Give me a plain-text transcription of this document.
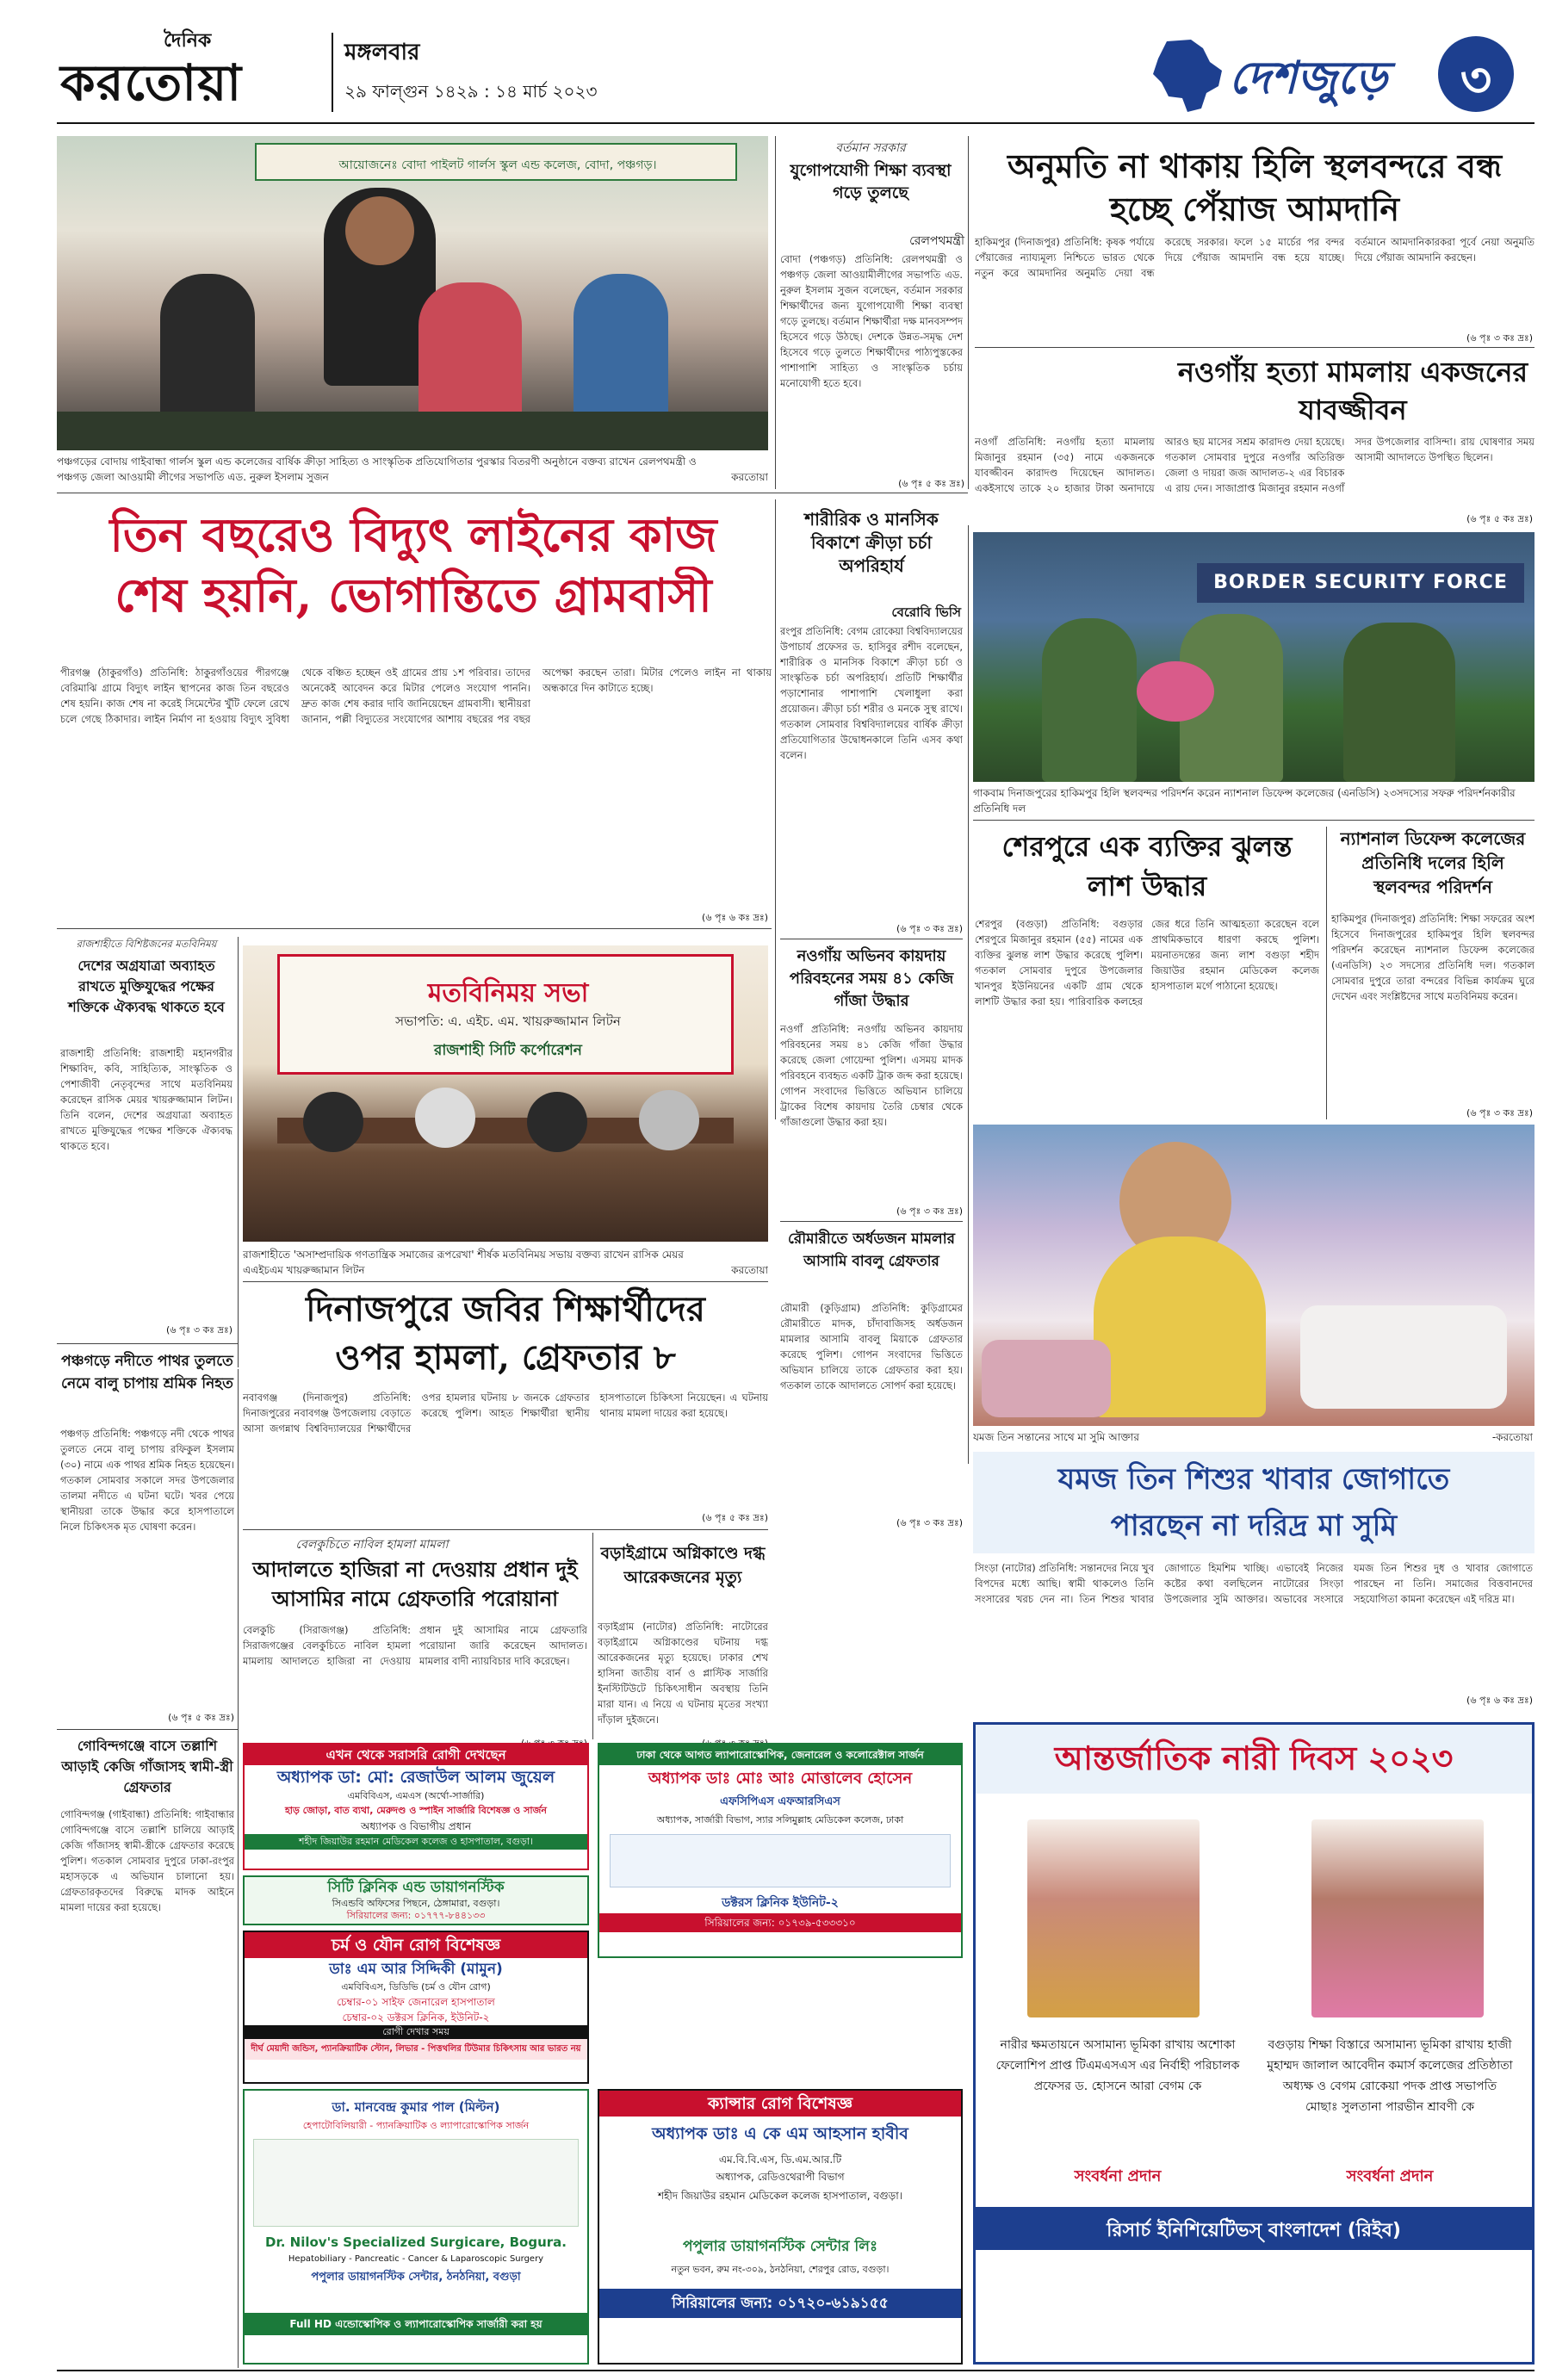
দৈনিক
করতোয়া
মঙ্গলবার
২৯ ফাল্গুন ১৪২৯ : ১৪ মার্চ ২০২৩	দেশজুড়ে	৩
আয়োজনেঃ বোদা পাইলট গার্লস স্কুল এন্ড কলেজ, বোদা, পঞ্চগড়।
পঞ্চগড়ের বোদায় গাইবান্ধা গার্লস স্কুল এন্ড কলেজের বার্ষিক ক্রীড়া সাহিত্য ও সাংস্কৃতিক প্রতিযোগিতার পুরস্কার বিতরণী অনুষ্ঠানে বক্তব্য রাখেন রেলপথমন্ত্রী ও পঞ্চগড় জেলা আওয়ামী লীগের সভাপতি এড. নুরুল ইসলাম সুজন	করতোয়া
বর্তমান সরকার
যুগোপযোগী শিক্ষা ব্যবস্থা গড়ে তুলছে
রেলপথমন্ত্রী
বোদা (পঞ্চগড়) প্রতিনিধি: রেলপথমন্ত্রী ও পঞ্চগড় জেলা আওয়ামীলীগের সভাপতি এড. নুরুল ইসলাম সুজন বলেছেন, বর্তমান সরকার শিক্ষার্থীদের জন্য যুগোপযোগী শিক্ষা ব্যবস্থা গড়ে তুলছে। বর্তমান শিক্ষার্থীরা দক্ষ মানবসম্পদ হিসেবে গড়ে উঠছে। দেশকে উন্নত-সমৃদ্ধ দেশ হিসেবে গড়ে তুলতে শিক্ষার্থীদের পাঠ্যপুস্তকের পাশাপাশি সাহিত্য ও সাংস্কৃতিক চর্চায় মনোযোগী হতে হবে।
(৬ পৃঃ ৫ কঃ দ্রঃ)
অনুমতি না থাকায় হিলি স্থলবন্দরে বন্ধ হচ্ছে পেঁয়াজ আমদানি
হাকিমপুর (দিনাজপুর) প্রতিনিধি: কৃষক পর্যায়ে পেঁয়াজের ন্যায্যমূল্য নিশ্চিতে ভারত থেকে নতুন করে আমদানির অনুমতি দেয়া বন্ধ করেছে সরকার। ফলে ১৫ মার্চের পর বন্দর দিয়ে পেঁয়াজ আমদানি বন্ধ হয়ে যাচ্ছে। বর্তমানে আমদানিকারকরা পূর্বে নেয়া অনুমতি দিয়ে পেঁয়াজ আমদানি করছেন।
(৬ পৃঃ ৩ কঃ দ্রঃ)
নওগাঁয় হত্যা মামলায় একজনের যাবজ্জীবন
নওগাঁ প্রতিনিধি: নওগাঁয় হত্যা মামলায় মিজানুর রহমান (৩৫) নামে একজনকে যাবজ্জীবন কারাদণ্ড দিয়েছেন আদালত। একইসাথে তাকে ২০ হাজার টাকা অনাদায়ে আরও ছয় মাসের সশ্রম কারাদণ্ড দেয়া হয়েছে। গতকাল সোমবার দুপুরে নওগাঁর অতিরিক্ত জেলা ও দায়রা জজ আদালত-২ এর বিচারক এ রায় দেন। সাজাপ্রাপ্ত মিজানুর রহমান নওগাঁ সদর উপজেলার বাসিন্দা। রায় ঘোষণার সময় আসামী আদালতে উপস্থিত ছিলেন।
(৬ পৃঃ ৫ কঃ দ্রঃ)
তিন বছরেও বিদ্যুৎ লাইনের কাজ
শেষ হয়নি, ভোগান্তিতে গ্রামবাসী
পীরগঞ্জ (ঠাকুরগাঁও) প্রতিনিধি: ঠাকুরগাঁওয়ের পীরগঞ্জে বেরিমাঝি গ্রামে বিদ্যুৎ লাইন স্থাপনের কাজ তিন বছরেও শেষ হয়নি। কাজ শেষ না করেই সিমেন্টের খুঁটি ফেলে রেখে চলে গেছে ঠিকাদার। লাইন নির্মাণ না হওয়ায় বিদ্যুৎ সুবিধা থেকে বঞ্চিত হচ্ছেন ওই গ্রামের প্রায় ১শ পরিবার। তাদের অনেকেই আবেদন করে মিটার পেলেও সংযোগ পাননি। দ্রুত কাজ শেষ করার দাবি জানিয়েছেন গ্রামবাসী। স্থানীয়রা জানান, পল্লী বিদ্যুতের সংযোগের আশায় বছরের পর বছর অপেক্ষা করছেন তারা। মিটার পেলেও লাইন না থাকায় অন্ধকারে দিন কাটাতে হচ্ছে।
(৬ পৃঃ ৬ কঃ দ্রঃ)
শারীরিক ও মানসিক বিকাশে ক্রীড়া চর্চা অপরিহার্য
বেরোবি ভিসি
রংপুর প্রতিনিধি: বেগম রোকেয়া বিশ্ববিদ্যালয়ের উপাচার্য প্রফেসর ড. হাসিবুর রশীদ বলেছেন, শারীরিক ও মানসিক বিকাশে ক্রীড়া চর্চা ও সাংস্কৃতিক চর্চা অপরিহার্য। প্রতিটি শিক্ষার্থীর পড়াশোনার পাশাপাশি খেলাধুলা করা প্রয়োজন। ক্রীড়া চর্চা শরীর ও মনকে সুস্থ রাখে। গতকাল সোমবার বিশ্ববিদ্যালয়ের বার্ষিক ক্রীড়া প্রতিযোগিতার উদ্বোধনকালে তিনি এসব কথা বলেন।
(৬ পৃঃ ৩ কঃ দ্রঃ)
নওগাঁয় অভিনব কায়দায় পরিবহনের সময় ৪১ কেজি গাঁজা উদ্ধার
নওগাঁ প্রতিনিধি: নওগাঁয় অভিনব কায়দায় পরিবহনের সময় ৪১ কেজি গাঁজা উদ্ধার করেছে জেলা গোয়েন্দা পুলিশ। এসময় মাদক পরিবহনে ব্যবহৃত একটি ট্রাক জব্দ করা হয়েছে। গোপন সংবাদের ভিত্তিতে অভিযান চালিয়ে ট্রাকের বিশেষ কায়দায় তৈরি চেম্বার থেকে গাঁজাগুলো উদ্ধার করা হয়।
(৬ পৃঃ ৩ কঃ দ্রঃ)
BORDER SECURITY FORCE
গাকবাম দিনাজপুরের হাকিমপুর হিলি স্থলবন্দর পরিদর্শন করেন ন্যাশনাল ডিফেন্স কলেজের (এনডিসি) ২৩সদস্যের সফরু পরিদর্শনকারীর প্রতিনিধি দল
শেরপুরে এক ব্যক্তির ঝুলন্ত লাশ উদ্ধার
শেরপুর (বগুড়া) প্রতিনিধি: বগুড়ার শেরপুরে মিজানুর রহমান (৫৫) নামের এক ব্যক্তির ঝুলন্ত লাশ উদ্ধার করেছে পুলিশ। গতকাল সোমবার দুপুরে উপজেলার খানপুর ইউনিয়নের একটি গ্রাম থেকে লাশটি উদ্ধার করা হয়। পারিবারিক কলহের জের ধরে তিনি আত্মহত্যা করেছেন বলে প্রাথমিকভাবে ধারণা করছে পুলিশ। ময়নাতদন্তের জন্য লাশ বগুড়া শহীদ জিয়াউর রহমান মেডিকেল কলেজ হাসপাতাল মর্গে পাঠানো হয়েছে।
ন্যাশনাল ডিফেন্স কলেজের প্রতিনিধি দলের হিলি স্থলবন্দর পরিদর্শন
হাকিমপুর (দিনাজপুর) প্রতিনিধি: শিক্ষা সফরের অংশ হিসেবে দিনাজপুরের হাকিমপুর হিলি স্থলবন্দর পরিদর্শন করেছেন ন্যাশনাল ডিফেন্স কলেজের (এনডিসি) ২৩ সদস্যের প্রতিনিধি দল। গতকাল সোমবার দুপুরে তারা বন্দরের বিভিন্ন কার্যক্রম ঘুরে দেখেন এবং সংশ্লিষ্টদের সাথে মতবিনিময় করেন।
(৬ পৃঃ ৩ কঃ দ্রঃ)
রাজশাহীতে বিশিষ্টজনের মতবিনিময়
দেশের অগ্রযাত্রা অব্যাহত রাখতে মুক্তিযুদ্ধের পক্ষের শক্তিকে ঐক্যবদ্ধ থাকতে হবে
রাজশাহী প্রতিনিধি: রাজশাহী মহানগরীর শিক্ষাবিদ, কবি, সাহিত্যিক, সাংস্কৃতিক ও পেশাজীবী নেতৃবৃন্দের সাথে মতবিনিময় করেছেন রাসিক মেয়র খায়রুজ্জামান লিটন। তিনি বলেন, দেশের অগ্রযাত্রা অব্যাহত রাখতে মুক্তিযুদ্ধের পক্ষের শক্তিকে ঐক্যবদ্ধ থাকতে হবে।
(৬ পৃঃ ৩ কঃ দ্রঃ)
মতবিনিময় সভা
সভাপতি: এ. এইচ. এম. খায়রুজ্জামান লিটন
রাজশাহী সিটি কর্পোরেশন
রাজশাহীতে 'অসাম্প্রদায়িক গণতান্ত্রিক সমাজের রূপরেখা' শীর্ষক মতবিনিময় সভায় বক্তব্য রাখেন রাসিক মেয়র এএইচএম খায়রুজ্জামান লিটন	করতোয়া
দিনাজপুরে জবির শিক্ষার্থীদের
ওপর হামলা, গ্রেফতার ৮
নবাবগঞ্জ (দিনাজপুর) প্রতিনিধি: দিনাজপুরের নবাবগঞ্জ উপজেলায় বেড়াতে আসা জগন্নাথ বিশ্ববিদ্যালয়ের শিক্ষার্থীদের ওপর হামলার ঘটনায় ৮ জনকে গ্রেফতার করেছে পুলিশ। আহত শিক্ষার্থীরা স্থানীয় হাসপাতালে চিকিৎসা নিয়েছেন। এ ঘটনায় থানায় মামলা দায়ের করা হয়েছে।
(৬ পৃঃ ৫ কঃ দ্রঃ)
পঞ্চগড়ে নদীতে পাথর তুলতে নেমে বালু চাপায় শ্রমিক নিহত
পঞ্চগড় প্রতিনিধি: পঞ্চগড়ে নদী থেকে পাথর তুলতে নেমে বালু চাপায় রফিকুল ইসলাম (৩০) নামে এক পাথর শ্রমিক নিহত হয়েছেন। গতকাল সোমবার সকালে সদর উপজেলার তালমা নদীতে এ ঘটনা ঘটে। খবর পেয়ে স্থানীয়রা তাকে উদ্ধার করে হাসপাতালে নিলে চিকিৎসক মৃত ঘোষণা করেন।
(৬ পৃঃ ৫ কঃ দ্রঃ)
গোবিন্দগঞ্জে বাসে তল্লাশি আড়াই কেজি গাঁজাসহ স্বামী-স্ত্রী গ্রেফতার
গোবিন্দগঞ্জ (গাইবান্ধা) প্রতিনিধি: গাইবান্ধার গোবিন্দগঞ্জে বাসে তল্লাশি চালিয়ে আড়াই কেজি গাঁজাসহ স্বামী-স্ত্রীকে গ্রেফতার করেছে পুলিশ। গতকাল সোমবার দুপুরে ঢাকা-রংপুর মহাসড়কে এ অভিযান চালানো হয়। গ্রেফতারকৃতদের বিরুদ্ধে মাদক আইনে মামলা দায়ের করা হয়েছে।
বেলকুচিতে নাবিল হামলা মামলা
আদালতে হাজিরা না দেওয়ায় প্রধান দুই আসামির নামে গ্রেফতারি পরোয়ানা
বেলকুচি (সিরাজগঞ্জ) প্রতিনিধি: সিরাজগঞ্জের বেলকুচিতে নাবিল হামলা মামলায় আদালতে হাজিরা না দেওয়ায় প্রধান দুই আসামির নামে গ্রেফতারি পরোয়ানা জারি করেছেন আদালত। মামলার বাদী ন্যায়বিচার দাবি করেছেন।
বড়াইগ্রামে অগ্নিকাণ্ডে দগ্ধ আরেকজনের মৃত্যু
বড়াইগ্রাম (নাটোর) প্রতিনিধি: নাটোরের বড়াইগ্রামে অগ্নিকাণ্ডের ঘটনায় দগ্ধ আরেকজনের মৃত্যু হয়েছে। ঢাকার শেখ হাসিনা জাতীয় বার্ন ও প্লাস্টিক সার্জারি ইনস্টিটিউটে চিকিৎসাধীন অবস্থায় তিনি মারা যান। এ নিয়ে এ ঘটনায় মৃতের সংখ্যা দাঁড়াল দুইজনে।
রৌমারীতে অর্ধডজন মামলার আসামি বাবলু গ্রেফতার
রৌমারী (কুড়িগ্রাম) প্রতিনিধি: কুড়িগ্রামের রৌমারীতে মাদক, চাঁদাবাজিসহ অর্ধডজন মামলার আসামি বাবলু মিয়াকে গ্রেফতার করেছে পুলিশ। গোপন সংবাদের ভিত্তিতে অভিযান চালিয়ে তাকে গ্রেফতার করা হয়। গতকাল তাকে আদালতে সোপর্দ করা হয়েছে।
(৬ পৃঃ ৩ কঃ দ্রঃ)
যমজ তিন সন্তানের সাথে মা সুমি আক্তার	-করতোয়া
যমজ তিন শিশুর খাবার জোগাতে
পারছেন না দরিদ্র মা সুমি
সিংড়া (নাটোর) প্রতিনিধি: সন্তানদের নিয়ে খুব বিপদের মধ্যে আছি। স্বামী থাকলেও তিনি সংসারের খরচ দেন না। তিন শিশুর খাবার জোগাতে হিমশিম খাচ্ছি। এভাবেই নিজের কষ্টের কথা বলছিলেন নাটোরের সিংড়া উপজেলার সুমি আক্তার। অভাবের সংসারে যমজ তিন শিশুর দুধ ও খাবার জোগাতে পারছেন না তিনি। সমাজের বিত্তবানদের সহযোগিতা কামনা করেছেন এই দরিদ্র মা।
(৬ পৃঃ ৬ কঃ দ্রঃ)
এখন থেকে সরাসরি রোগী দেখছেন
অধ্যাপক ডা: মো: রেজাউল আলম জুয়েল
এমবিবিএস, এমএস (অর্থো-সার্জারি)
হাড় জোড়া, বাত ব্যথা, মেরুদণ্ড ও স্পাইন সার্জারি বিশেষজ্ঞ ও সার্জন
অধ্যাপক ও বিভাগীয় প্রধান
শহীদ জিয়াউর রহমান মেডিকেল কলেজ ও হাসপাতাল, বগুড়া।
সিটি ক্লিনিক এন্ড ডায়াগনস্টিক
সিএন্ডবি অফিসের পিছনে, ঠেঙ্গামারা, বগুড়া।
সিরিয়ালের জন্য: ০১৭৭৭-৮৪৪১৩৩
চর্ম ও যৌন রোগ বিশেষজ্ঞ
ডাঃ এম আর সিদ্দিকী (মামুন)
এমবিবিএস, ডিডিভি (চর্ম ও যৌন রোগ)
চেম্বার-০১ সাইফ জেনারেল হাসপাতাল
চেম্বার-০২ ডক্টরস ক্লিনিক, ইউনিট-২
রোগী দেখার সময়
দীর্ঘ মেয়াদী জন্ডিস, প্যানক্রিয়াটিক স্টোন, লিভার - পিত্তথলির টিউমার চিকিৎসায় আর ভারত নয়
ডা. মানবেন্দ্র কুমার পাল (মিল্টন)
হেপাটোবিলিয়ারী - প্যানক্রিয়াটিক ও ল্যাপারোস্কোপিক সার্জন
Dr. Nilov's Specialized Surgicare, Bogura.
Hepatobiliary - Pancreatic - Cancer & Laparoscopic Surgery
পপুলার ডায়াগনস্টিক সেন্টার, ঠনঠনিয়া, বগুড়া
Full HD এন্ডোস্কোপিক ও ল্যাপারোস্কোপিক সার্জারী করা হয়
ঢাকা থেকে আগত ল্যাপারোস্কোপিক, জেনারেল ও কলোরেক্টাল সার্জন
অধ্যাপক ডাঃ মোঃ আঃ মোত্তালেব হোসেন
এফসিপিএস এফআরসিএস
অধ্যাপক, সার্জারী বিভাগ, স্যার সলিমুল্লাহ মেডিকেল কলেজ, ঢাকা
ডক্টরস ক্লিনিক ইউনিট-২
সিরিয়ালের জন্য: ০১৭৩৯-৫৩৩৩১০
ক্যান্সার রোগ বিশেষজ্ঞ
অধ্যাপক ডাঃ এ কে এম আহসান হাবীব
এম.বি.বি.এস, ডি.এম.আর.টি
অধ্যাপক, রেডিওথেরাপী বিভাগ
শহীদ জিয়াউর রহমান মেডিকেল কলেজ হাসপাতাল, বগুড়া।
পপুলার ডায়াগনস্টিক সেন্টার লিঃ
নতুন ভবন, রুম নং-৩০৯, ঠনঠনিয়া, শেরপুর রোড, বগুড়া।
সিরিয়ালের জন্য: ০১৭২০-৬১৯১৫৫
আন্তর্জাতিক নারী দিবস ২০২৩
নারীর ক্ষমতায়নে অসামান্য ভূমিকা রাখায় অশোকা ফেলোশিপ প্রাপ্ত টিএমএসএস এর নির্বাহী পরিচালক প্রফেসর ড. হোসনে আরা বেগম কে
বগুড়ায় শিক্ষা বিস্তারে অসামান্য ভূমিকা রাখায় হাজী মুহাম্মদ জালাল আবেদীন কমার্স কলেজের প্রতিষ্ঠাতা অধ্যক্ষ ও বেগম রোকেয়া পদক প্রাপ্ত সভাপতি মোছাঃ সুলতানা পারভীন শ্রাবণী কে
সংবর্ধনা প্রদান	সংবর্ধনা প্রদান
রিসার্চ ইনিশিয়েটিভস্ বাংলাদেশ (রিইব)
